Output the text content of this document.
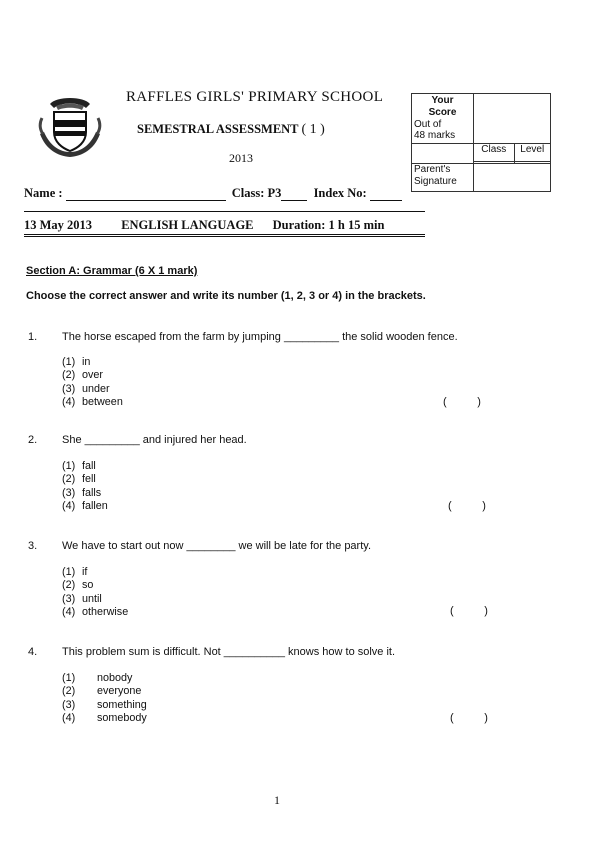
RAFFLES GIRLS' PRIMARY SCHOOL
SEMESTRAL ASSESSMENT ( 1 )
2013
Your
Score
Out of
48 marks		

	Class	Level

Parent's
Signature		

Name :	Class: P3	Index No:
13 May 2013 ENGLISH LANGUAGE Duration: 1 h 15 min
Section A: Grammar (6 X 1 mark)
Choose the correct answer and write its number (1, 2, 3 or 4) in the brackets.
1. The horse escaped from the farm by jumping _________ the solid wooden fence.
(1) in
(2) over
(3) under
(4) between	(          )
2. She _________ and injured her head.
(1) fall
(2) fell
(3) falls
(4) fallen	(          )
3. We have to start out now ________ we will be late for the party.
(1) if
(2) so
(3) until
(4) otherwise	(          )
4. This problem sum is difficult. Not __________ knows how to solve it.
(1) nobody
(2) everyone
(3) something
(4) somebody	(          )
1
